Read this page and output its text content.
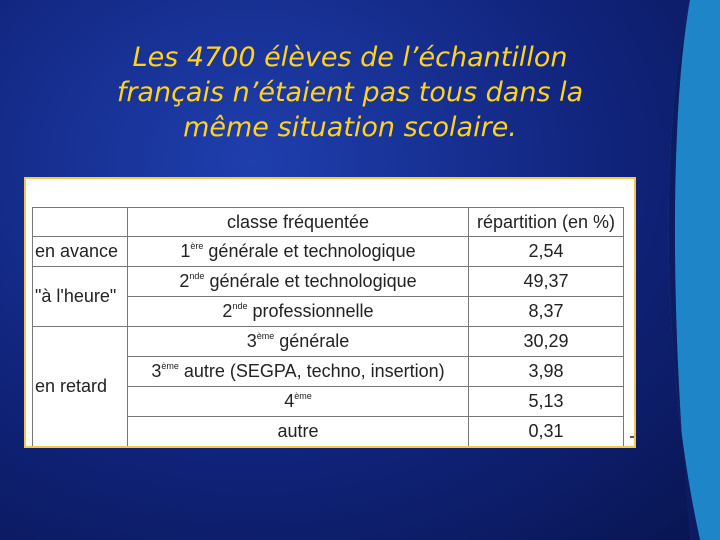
Les 4700 élèves de l’échantillon
français n’étaient pas tous dans la
même situation scolaire.
	classe fréquentée	répartition (en %)

en avance	1ère générale et technologique	2,54

"à l'heure"	2nde générale et technologique	49,37
	2nde professionnelle	8,37

en retard	3ème générale	30,29
	3ème autre (SEGPA, techno, insertion)	3,98
	4ème	5,13
	autre	0,31
